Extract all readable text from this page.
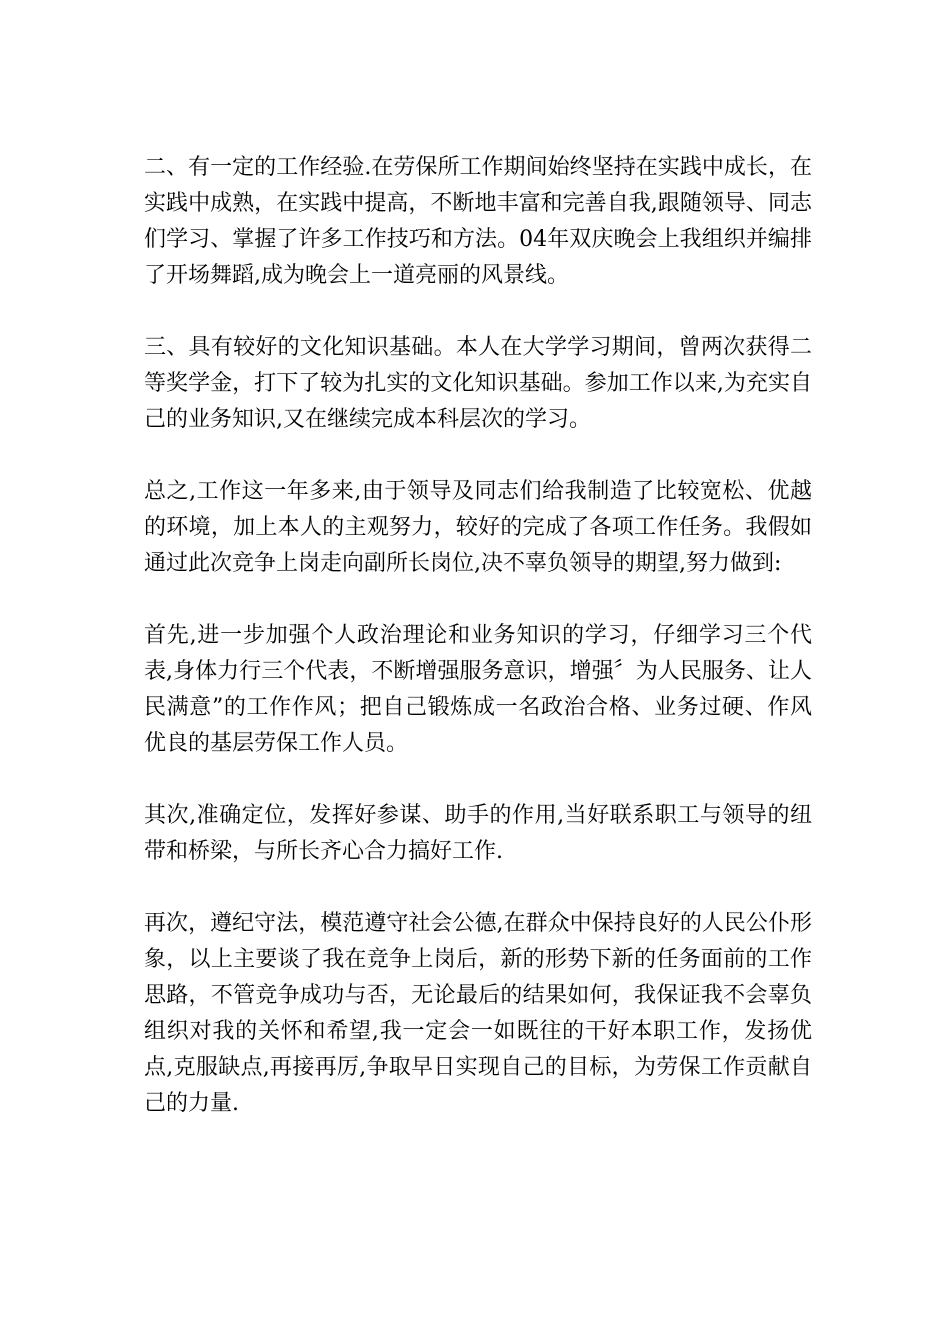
二、有一定的工作经验.在劳保所工作期间始终坚持在实践中成长，在实践中成熟，在实践中提高，不断地丰富和完善自我,跟随领导、同志们学习、掌握了许多工作技巧和方法。04年双庆晚会上我组织并编排了开场舞蹈,成为晚会上一道亮丽的风景线。

三、具有较好的文化知识基础。本人在大学学习期间，曾两次获得二等奖学金，打下了较为扎实的文化知识基础。参加工作以来,为充实自己的业务知识,又在继续完成本科层次的学习。

总之,工作这一年多来,由于领导及同志们给我制造了比较宽松、优越的环境，加上本人的主观努力，较好的完成了各项工作任务。我假如通过此次竞争上岗走向副所长岗位,决不辜负领导的期望,努力做到:

首先,进一步加强个人政治理论和业务知识的学习，仔细学习三个代表,身体力行三个代表，不断增强服务意识，增强〞为人民服务、让人民满意”的工作作风；把自己锻炼成一名政治合格、业务过硬、作风优良的基层劳保工作人员。

其次,准确定位，发挥好参谋、助手的作用,当好联系职工与领导的纽带和桥梁，与所长齐心合力搞好工作.

再次，遵纪守法，模范遵守社会公德,在群众中保持良好的人民公仆形象，以上主要谈了我在竞争上岗后，新的形势下新的任务面前的工作思路，不管竞争成功与否，无论最后的结果如何，我保证我不会辜负组织对我的关怀和希望,我一定会一如既往的干好本职工作，发扬优点,克服缺点,再接再厉,争取早日实现自己的目标，为劳保工作贡献自己的力量.
